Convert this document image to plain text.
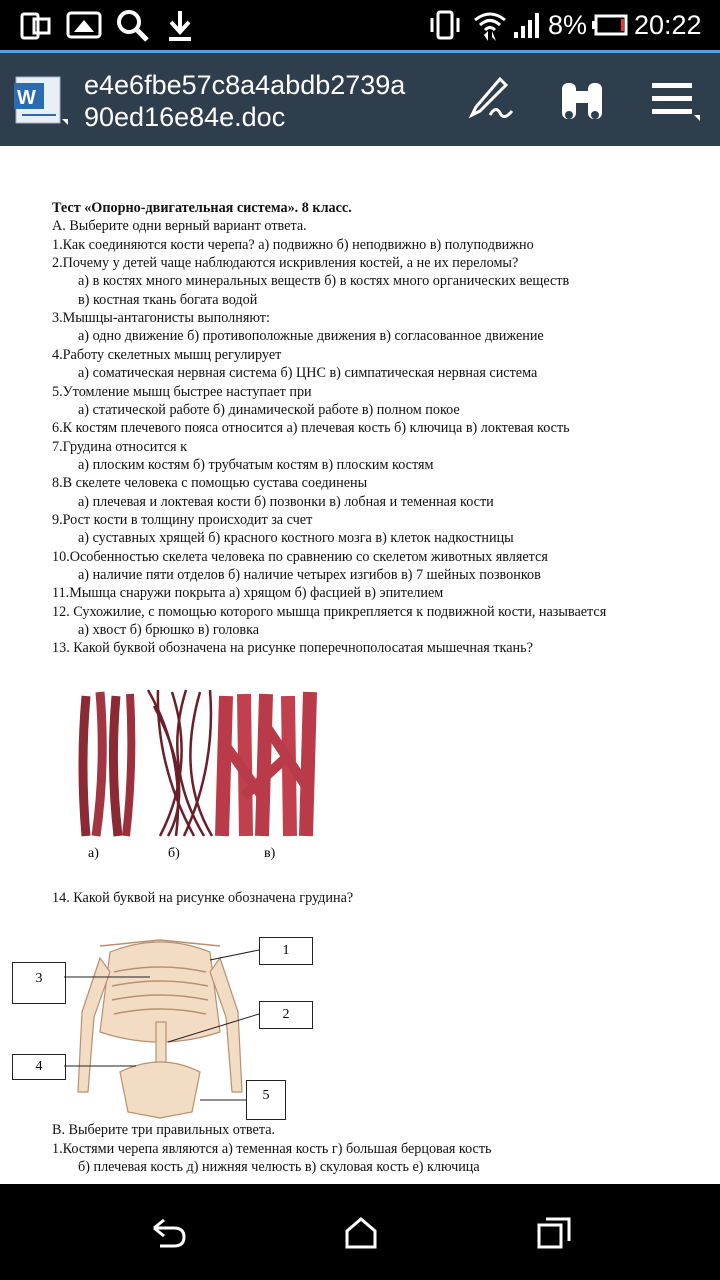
8% 20:22
W e4e6fbe57c8a4abdb2739a
90ed16e84e.doc
Тест «Опорно-двигательная система». 8 класс.
А. Выберите одни верный вариант ответа.
1.Как соединяются кости черепа? а) подвижно б) неподвижно в) полуподвижно
2.Почему у детей чаще наблюдаются искривления костей, а не их переломы?
а) в костях много минеральных веществ б) в костях много органических веществ
в) костная ткань богата водой
3.Мышцы-антагонисты выполняют:
а) одно движение б) противоположные движения в) согласованное движение
4.Работу скелетных мышц регулирует
а) соматическая нервная система б) ЦНС в) симпатическая нервная система
5.Утомление мышц быстрее наступает при
а) статической работе б) динамической работе в) полном покое
6.К костям плечевого пояса относится а) плечевая кость б) ключица в) локтевая кость
7.Грудина относится к
а) плоским костям б) трубчатым костям в) плоским костям
8.В скелете человека с помощью сустава соединены
а) плечевая и локтевая кости б) позвонки в) лобная и теменная кости
9.Рост кости в толщину происходит за счет
а) суставных хрящей б) красного костного мозга в) клеток надкостницы
10.Особенностью скелета человека по сравнению со скелетом животных является
а) наличие пяти отделов б) наличие четырех изгибов в) 7 шейных позвонков
11.Мышца снаружи покрыта а) хрящом б) фасцией в) эпителием
12. Сухожилие, с помощью которого мышца прикрепляется к подвижной кости, называется
а) хвост б) брюшко в) головка
13. Какой буквой обозначена на рисунке поперечнополосатая мышечная ткань?
а)	б)	в)
14. Какой буквой на рисунке обозначена грудина?
1
3
2
4
5
В. Выберите три правильных ответа.
1.Костями черепа являются а) теменная кость г) большая берцовая кость
б) плечевая кость д) нижняя челюсть в) скуловая кость е) ключица
